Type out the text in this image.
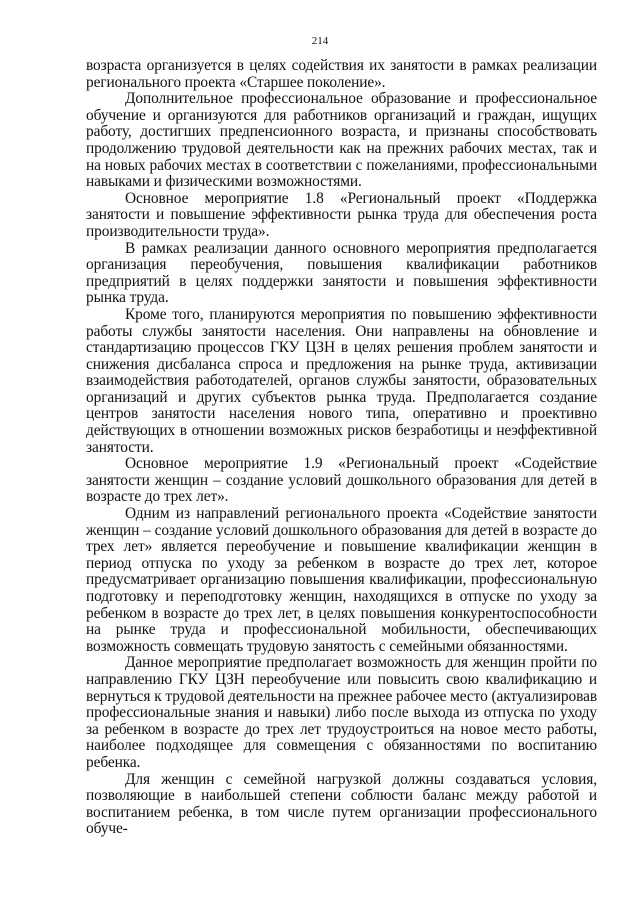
214

возраста организуется в целях содействия их занятости в рамках реализации регионального проекта «Старшее поколение».

Дополнительное профессиональное образование и профессиональное обучение и организуются для работников организаций и граждан, ищущих работу, достигших предпенсионного возраста, и признаны способствовать продолжению трудовой деятельности как на прежних рабочих местах, так и на новых рабочих местах в соответствии с пожеланиями, профессиональными навыками и физическими возможностями.

Основное мероприятие 1.8 «Региональный проект «Поддержка занятости и повышение эффективности рынка труда для обеспечения роста производительности труда».

В рамках реализации данного основного мероприятия предполагается организация переобучения, повышения квалификации работников предприятий в целях поддержки занятости и повышения эффективности рынка труда.

Кроме того, планируются мероприятия по повышению эффективности работы службы занятости населения. Они направлены на обновление и стандартизацию процессов ГКУ ЦЗН в целях решения проблем занятости и снижения дисбаланса спроса и предложения на рынке труда, активизации взаимодействия работодателей, органов службы занятости, образовательных организаций и других субъектов рынка труда. Предполагается создание центров занятости населения нового типа, оперативно и проективно действующих в отношении возможных рисков безработицы и неэффективной занятости.

Основное мероприятие 1.9 «Региональный проект «Содействие занятости женщин – создание условий дошкольного образования для детей в возрасте до трех лет».

Одним из направлений регионального проекта «Содействие занятости женщин – создание условий дошкольного образования для детей в возрасте до трех лет» является переобучение и повышение квалификации женщин в период отпуска по уходу за ребенком в возрасте до трех лет, которое предусматривает организацию повышения квалификации, профессиональную подготовку и переподготовку женщин, находящихся в отпуске по уходу за ребенком в возрасте до трех лет, в целях повышения конкурентоспособности на рынке труда и профессиональной мобильности, обеспечивающих возможность совмещать трудовую занятость с семейными обязанностями.

Данное мероприятие предполагает возможность для женщин пройти по направлению ГКУ ЦЗН переобучение или повысить свою квалификацию и вернуться к трудовой деятельности на прежнее рабочее место (актуализировав профессиональные знания и навыки) либо после выхода из отпуска по уходу за ребенком в возрасте до трех лет трудоустроиться на новое место работы, наиболее подходящее для совмещения с обязанностями по воспитанию ребенка.

Для женщин с семейной нагрузкой должны создаваться условия, позволяющие в наибольшей степени соблюсти баланс между работой и воспитанием ребенка, в том числе путем организации профессионального обуче-
